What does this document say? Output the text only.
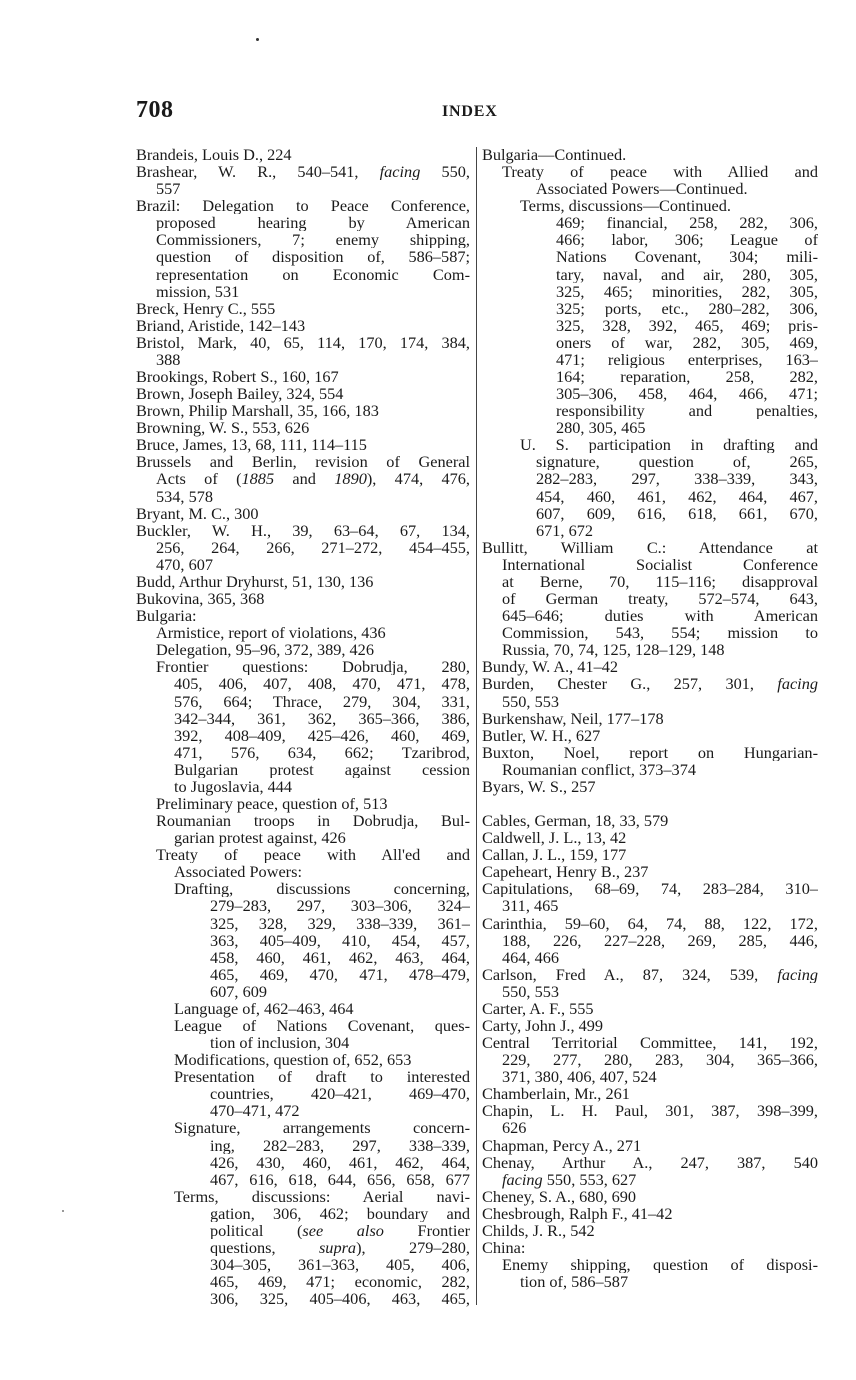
708	INDEX
Brandeis, Louis D., 224
Brashear, W. R., 540–541, facing 550,
557
Brazil: Delegation to Peace Conference,
proposed hearing by American
Commissioners, 7; enemy shipping,
question of disposition of, 586–587;
representation on Economic Com-
mission, 531
Breck, Henry C., 555
Briand, Aristide, 142–143
Bristol, Mark, 40, 65, 114, 170, 174, 384,
388
Brookings, Robert S., 160, 167
Brown, Joseph Bailey, 324, 554
Brown, Philip Marshall, 35, 166, 183
Browning, W. S., 553, 626
Bruce, James, 13, 68, 111, 114–115
Brussels and Berlin, revision of General
Acts of (1885 and 1890), 474, 476,
534, 578
Bryant, M. C., 300
Buckler, W. H., 39, 63–64, 67, 134,
256, 264, 266, 271–272, 454–455,
470, 607
Budd, Arthur Dryhurst, 51, 130, 136
Bukovina, 365, 368
Bulgaria:
Armistice, report of violations, 436
Delegation, 95–96, 372, 389, 426
Frontier questions: Dobrudja, 280,
405, 406, 407, 408, 470, 471, 478,
576, 664; Thrace, 279, 304, 331,
342–344, 361, 362, 365–366, 386,
392, 408–409, 425–426, 460, 469,
471, 576, 634, 662; Tzaribrod,
Bulgarian protest against cession
to Jugoslavia, 444
Preliminary peace, question of, 513
Roumanian troops in Dobrudja, Bul-
garian protest against, 426
Treaty of peace with All'ed and
Associated Powers:
Drafting, discussions concerning,
279–283, 297, 303–306, 324–
325, 328, 329, 338–339, 361–
363, 405–409, 410, 454, 457,
458, 460, 461, 462, 463, 464,
465, 469, 470, 471, 478–479,
607, 609
Language of, 462–463, 464
League of Nations Covenant, ques-
tion of inclusion, 304
Modifications, question of, 652, 653
Presentation of draft to interested
countries, 420–421, 469–470,
470–471, 472
Signature, arrangements concern-
ing, 282–283, 297, 338–339,
426, 430, 460, 461, 462, 464,
467, 616, 618, 644, 656, 658, 677
Terms, discussions: Aerial navi-
gation, 306, 462; boundary and
political (see also Frontier
questions, supra), 279–280,
304–305, 361–363, 405, 406,
465, 469, 471; economic, 282,
306, 325, 405–406, 463, 465,
Bulgaria—Continued.
Treaty of peace with Allied and
Associated Powers—Continued.
Terms, discussions—Continued.
469; financial, 258, 282, 306,
466; labor, 306; League of
Nations Covenant, 304; mili-
tary, naval, and air, 280, 305,
325, 465; minorities, 282, 305,
325; ports, etc., 280–282, 306,
325, 328, 392, 465, 469; pris-
oners of war, 282, 305, 469,
471; religious enterprises, 163–
164; reparation, 258, 282,
305–306, 458, 464, 466, 471;
responsibility and penalties,
280, 305, 465
U. S. participation in drafting and
signature, question of, 265,
282–283, 297, 338–339, 343,
454, 460, 461, 462, 464, 467,
607, 609, 616, 618, 661, 670,
671, 672
Bullitt, William C.: Attendance at
International Socialist Conference
at Berne, 70, 115–116; disapproval
of German treaty, 572–574, 643,
645–646; duties with American
Commission, 543, 554; mission to
Russia, 70, 74, 125, 128–129, 148
Bundy, W. A., 41–42
Burden, Chester G., 257, 301, facing
550, 553
Burkenshaw, Neil, 177–178
Butler, W. H., 627
Buxton, Noel, report on Hungarian-
Roumanian conflict, 373–374
Byars, W. S., 257
Cables, German, 18, 33, 579
Caldwell, J. L., 13, 42
Callan, J. L., 159, 177
Capeheart, Henry B., 237
Capitulations, 68–69, 74, 283–284, 310–
311, 465
Carinthia, 59–60, 64, 74, 88, 122, 172,
188, 226, 227–228, 269, 285, 446,
464, 466
Carlson, Fred A., 87, 324, 539, facing
550, 553
Carter, A. F., 555
Carty, John J., 499
Central Territorial Committee, 141, 192,
229, 277, 280, 283, 304, 365–366,
371, 380, 406, 407, 524
Chamberlain, Mr., 261
Chapin, L. H. Paul, 301, 387, 398–399,
626
Chapman, Percy A., 271
Chenay, Arthur A., 247, 387, 540
facing 550, 553, 627
Cheney, S. A., 680, 690
Chesbrough, Ralph F., 41–42
Childs, J. R., 542
China:
Enemy shipping, question of disposi-
tion of, 586–587
